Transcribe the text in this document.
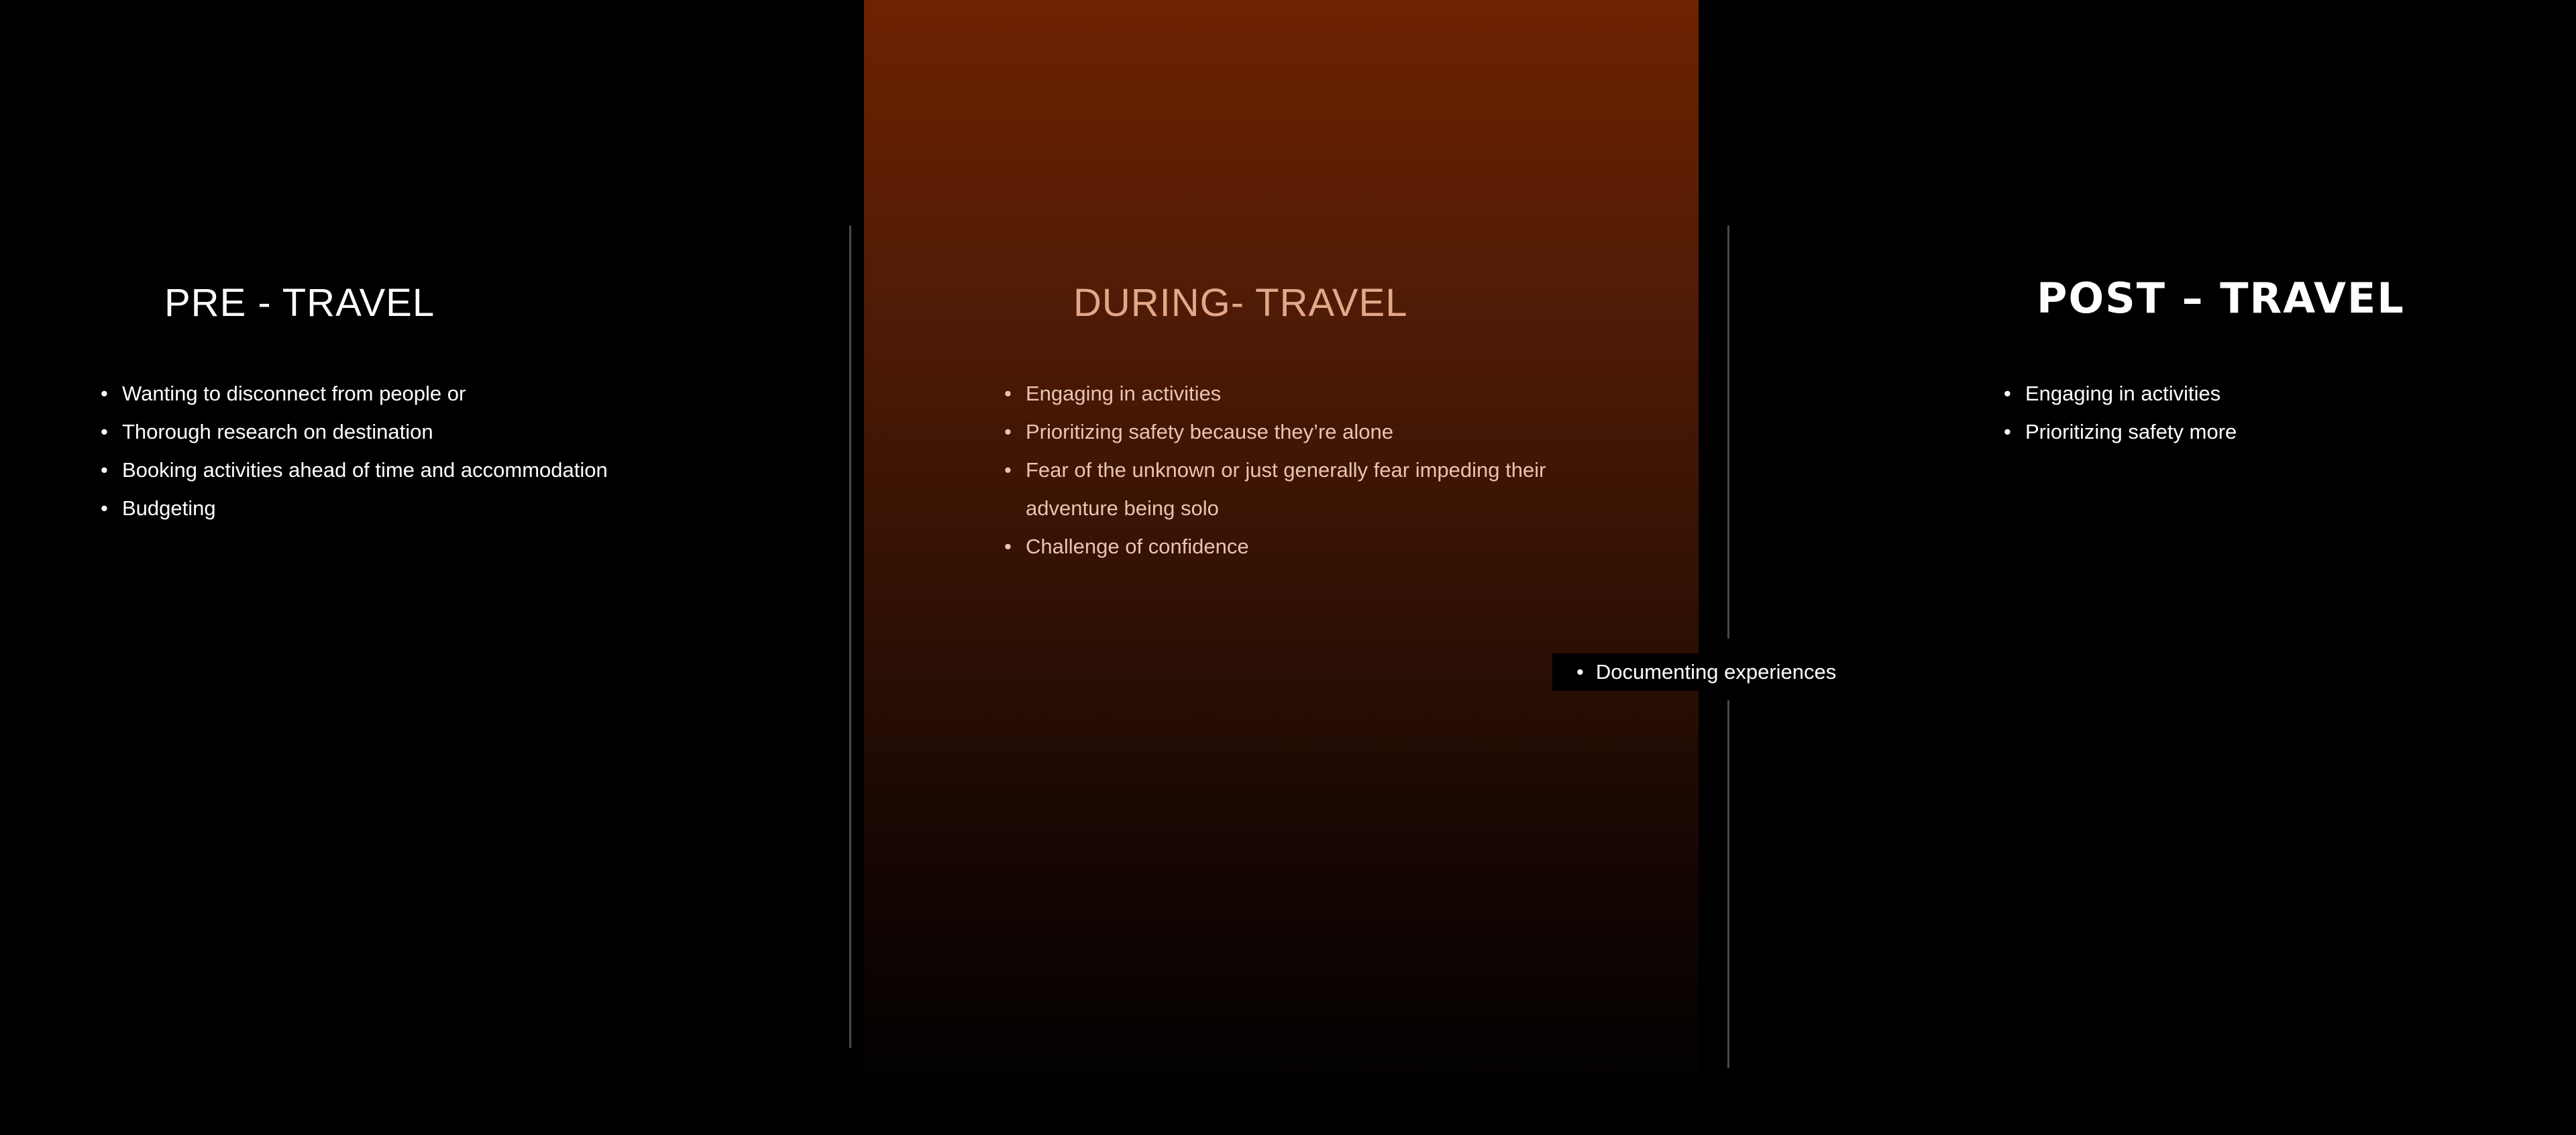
PRE - TRAVEL
• Wanting to disconnect from people or
• Thorough research on destination
• Booking activities ahead of time and accommodation
• Budgeting
DURING- TRAVEL
• Engaging in activities
• Prioritizing safety because they’re alone
• Fear of the unknown or just generally fear impeding their adventure being solo
• Challenge of confidence
POST – TRAVEL
• Engaging in activities
• Prioritizing safety more
• Documenting experiences
